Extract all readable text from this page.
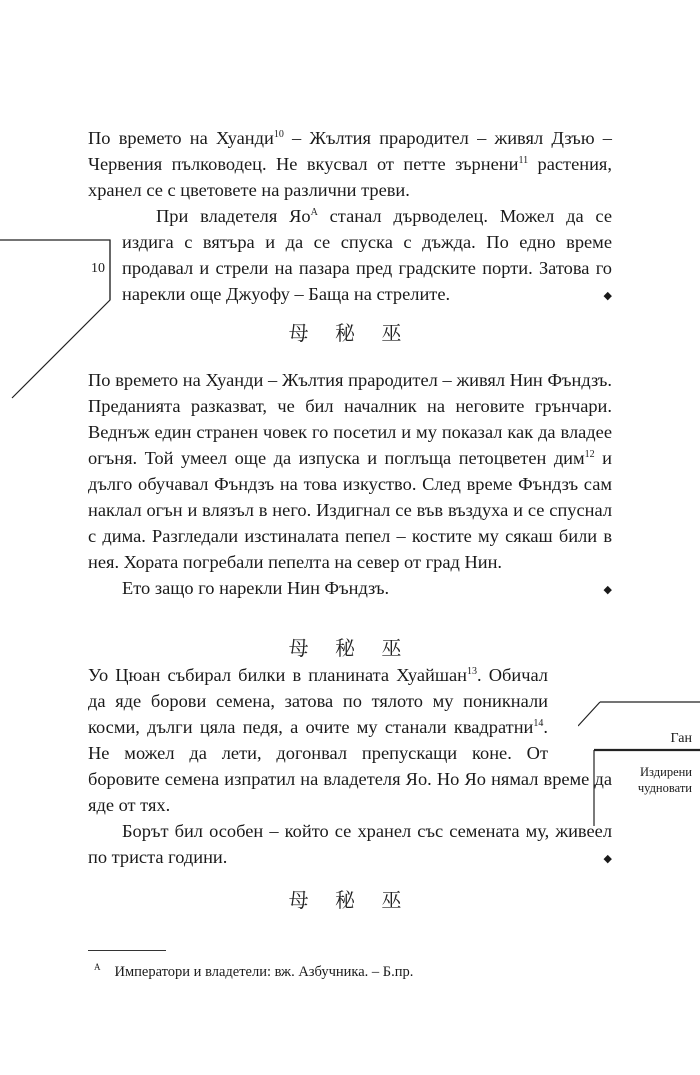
10
Ган
Издирени
чудновати

По времето на Хуанди$^{10}$ – Жълтия прародител – живял Дзъю – Червения пълководец. Не вкусвал от петте зърнени$^{11}$ растения, хранел се с цветовете на различни треви.

При владетеля $Яо^А$ станал дърводелец. Можел да се издига с вятъра и да се спуска с дъжда. По едно време продавал и стрели на пазара пред градските порти. Затова го нарекли още Джуофу – Баща на стрелите.	◆

⺟ 秘 巫

По времето на Хуанди – Жълтия прародител – живял Нин Фъндзъ. Преданията разказват, че бил началник на неговите грънчари. Веднъж един странен човек го посетил и му показал как да владее огъня. Той умеел още да изпуска и поглъща петоцветен дим$^{12}$ и дълго обучавал Фъндзъ на това изкуство. След време Фъндзъ сам наклал огън и влязъл в него. Издигнал се във въздуха и се спуснал с дима. Разгледали изстиналата пепел – костите му сякаш били в нея. Хората погребали пепелта на север от град Нин.

Ето защо го нарекли Нин Фъндзъ.	◆

⺟ 秘 巫

Уо Цюан събирал билки в планината Хуайшан$^{13}$. Обичал да яде борови семена, затова по тялото му поникнали косми, дълги цяла педя, а очите му станали квадратни$^{14}$. Не можел да лети, догонвал препускащи коне. От боровите семена изпратил на владетеля Яо. Но Яо нямал време да яде от тях.

Борът бил особен – който се хранел със семената му, живеел по триста години.	◆

⺟ 秘 巫
$^А$ Императори и владетели: вж. Азбучника. – Б.пр.
